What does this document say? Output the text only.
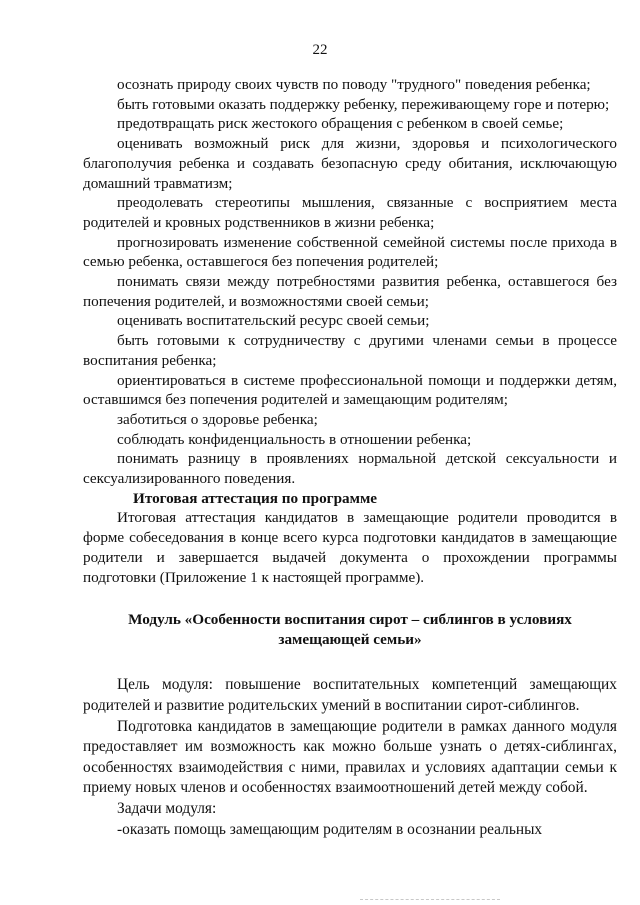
22

осознать природу своих чувств по поводу "трудного" поведения ребенка;

быть готовыми оказать поддержку ребенку, переживающему горе и потерю;

предотвращать риск жестокого обращения с ребенком в своей семье;

оценивать возможный риск для жизни, здоровья и психологического благополучия ребенка и создавать безопасную среду обитания, исключающую домашний травматизм;

преодолевать стереотипы мышления, связанные с восприятием места родителей и кровных родственников в жизни ребенка;

прогнозировать изменение собственной семейной системы после прихода в семью ребенка, оставшегося без попечения родителей;

понимать связи между потребностями развития ребенка, оставшегося без попечения родителей, и возможностями своей семьи;

оценивать воспитательский ресурс своей семьи;

быть готовыми к сотрудничеству с другими членами семьи в процессе воспитания ребенка;

ориентироваться в системе профессиональной помощи и поддержки детям, оставшимся без попечения родителей и замещающим родителям;

заботиться о здоровье ребенка;

соблюдать конфиденциальность в отношении ребенка;

понимать разницу в проявлениях нормальной детской сексуальности и сексуализированного поведения.

Итоговая аттестация по программе

Итоговая аттестация кандидатов в замещающие родители проводится в форме собеседования в конце всего курса подготовки кандидатов в замещающие родители и завершается выдачей документа о прохождении программы подготовки (Приложение 1 к настоящей программе).

Модуль «Особенности воспитания сирот – сиблингов в условиях замещающей семьи»

Цель модуля: повышение воспитательных компетенций замещающих родителей и развитие родительских умений в воспитании сирот-сиблингов.

Подготовка кандидатов в замещающие родители в рамках данного модуля предоставляет им возможность как можно больше узнать о детях-сиблингах, особенностях взаимодействия с ними, правилах и условиях адаптации семьи к приему новых членов и особенностях взаимоотношений детей между собой.

Задачи модуля:

-оказать помощь замещающим родителям в осознании реальных
